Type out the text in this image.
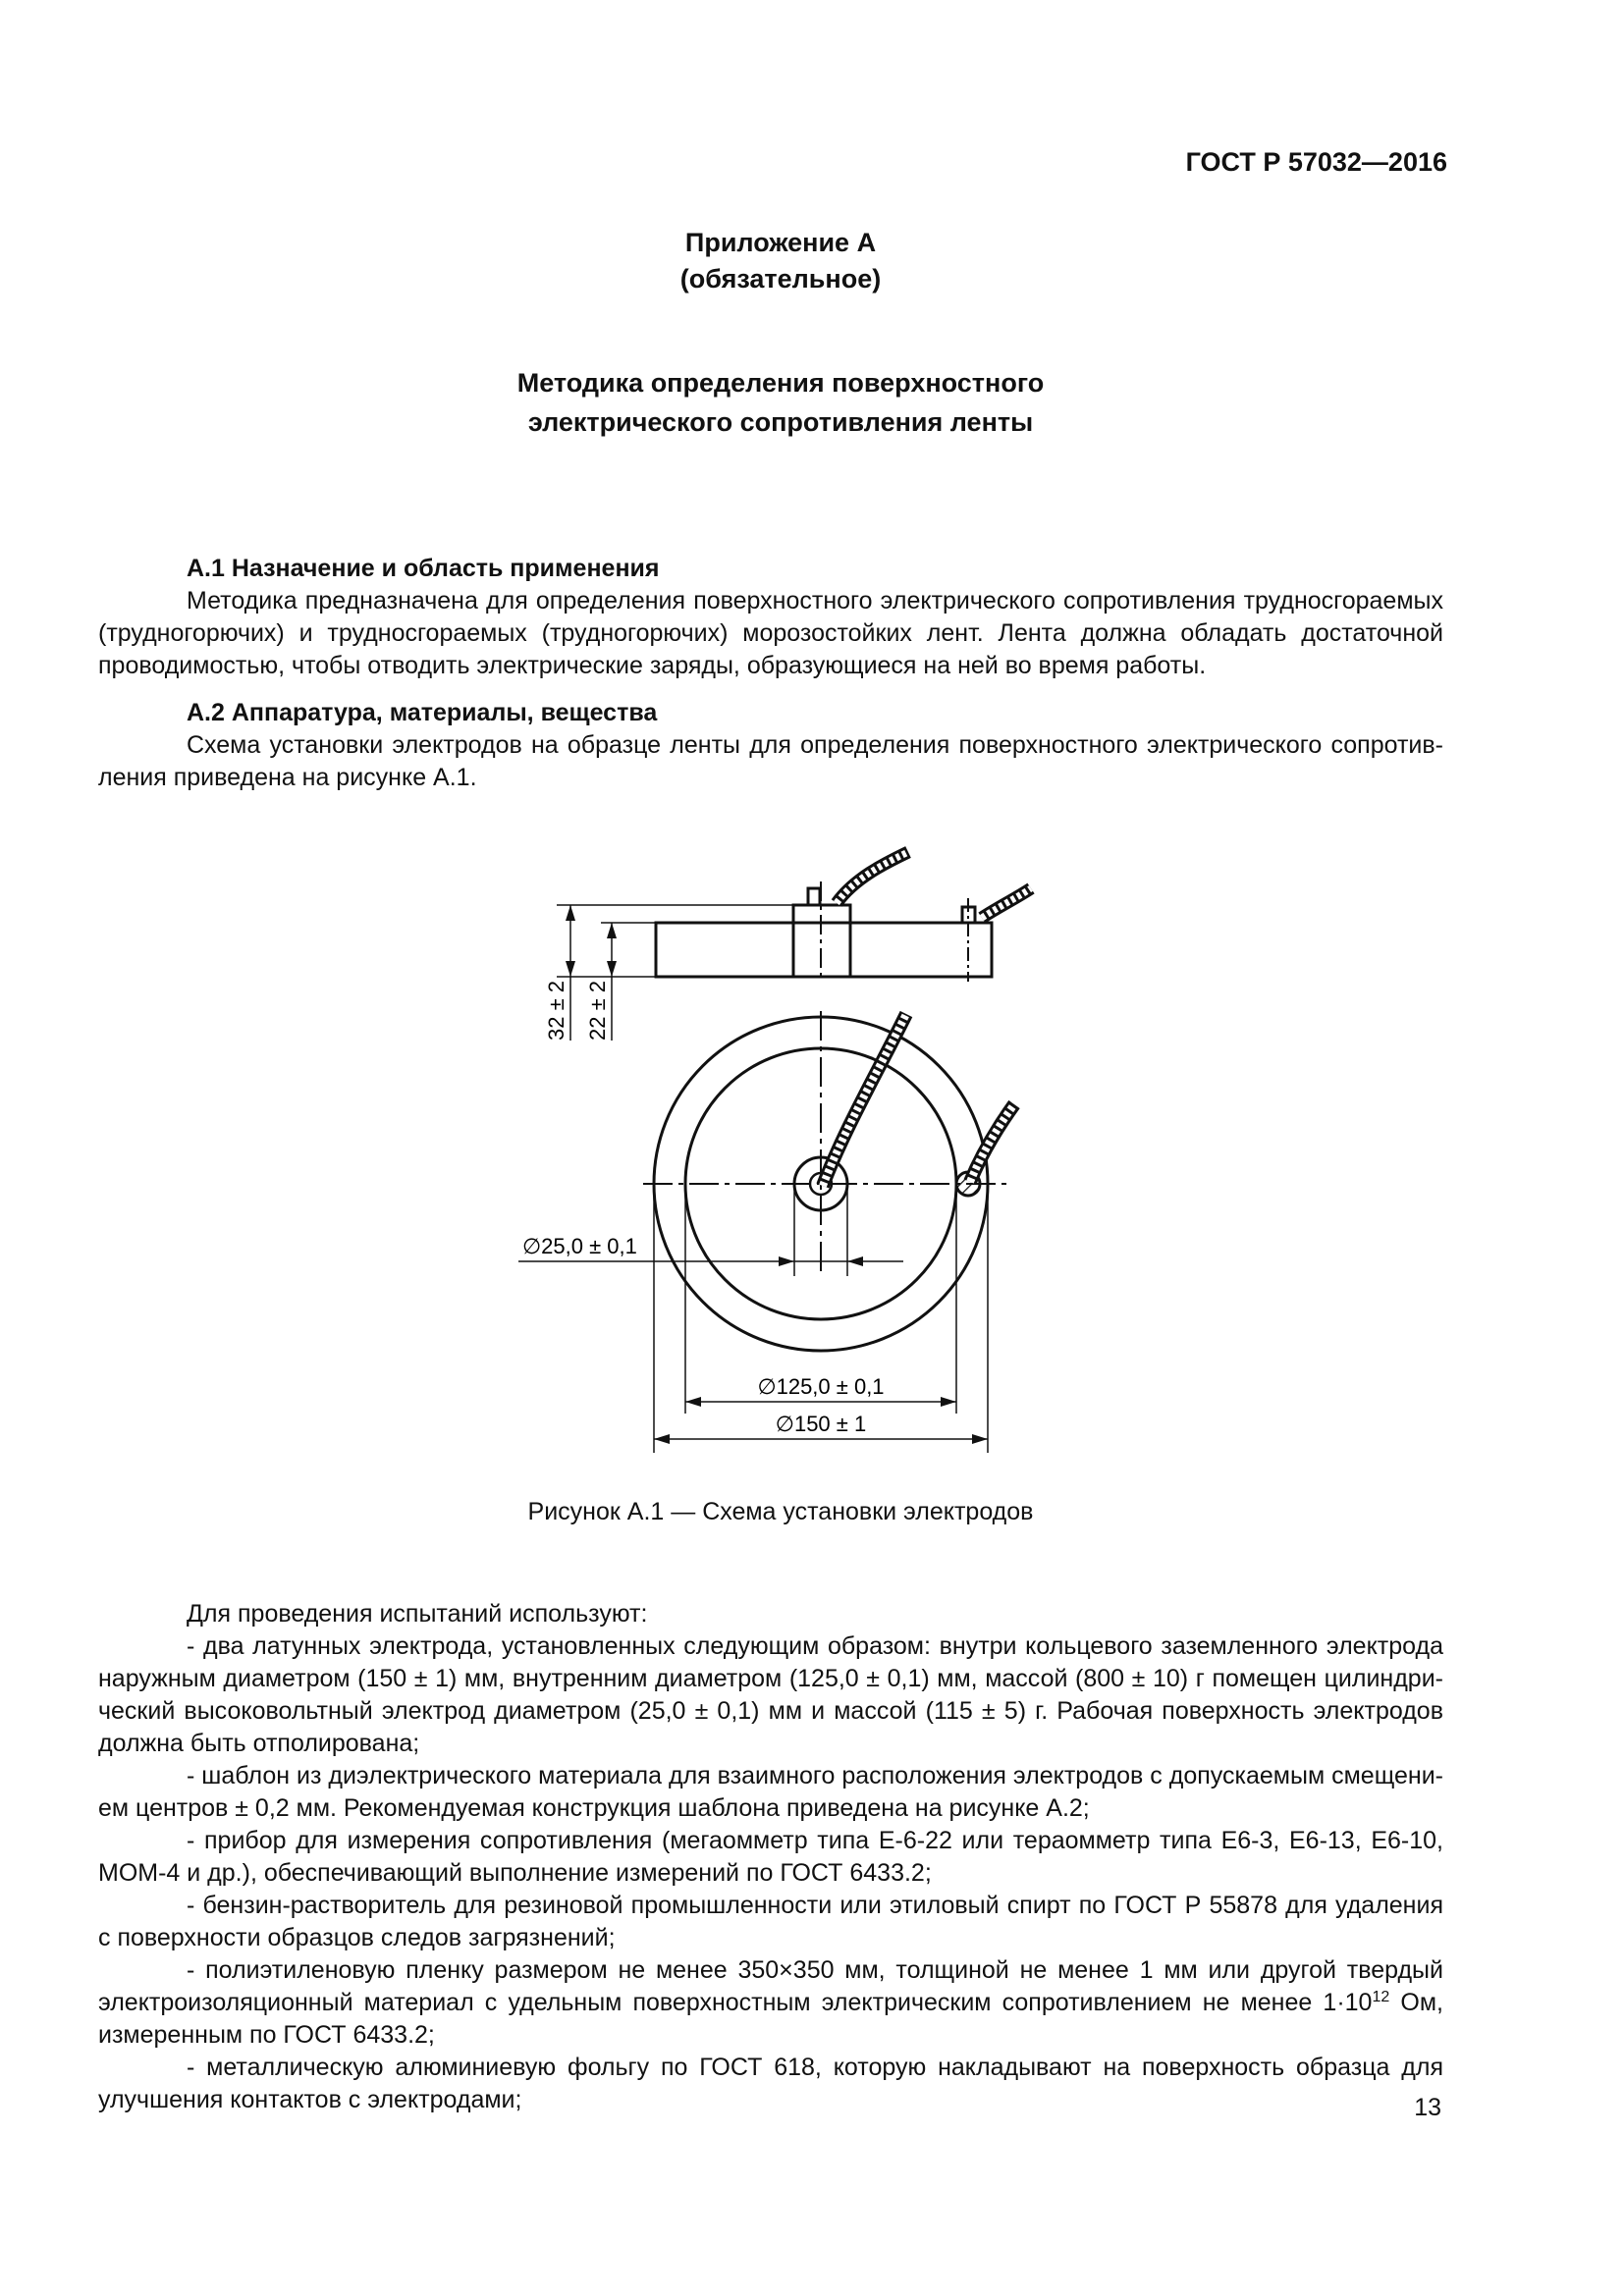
ГОСТ Р 57032—2016
Приложение А
(обязательное)
Методика определения поверхностного
электрического сопротивления ленты
А.1 Назначение и область применения
Методика предназначена для определения поверхностного электрического сопротивления трудносгораемых
(трудногорючих) и трудносгораемых (трудногорючих) морозостойких лент. Лента должна обладать достаточной
проводимостью, чтобы отводить электрические заряды, образующиеся на ней во время работы.
А.2 Аппаратура, материалы, вещества
Схема установки электродов на образце ленты для определения поверхностного электрического сопротив-
ления приведена на рисунке А.1.
32 ± 2 22 ± 2
∅25,0 ± 0,1
∅125,0 ± 0,1
∅150 ± 1
Рисунок А.1 — Схема установки электродов
Для проведения испытаний используют:
- два латунных электрода, установленных следующим образом: внутри кольцевого заземленного электрода
наружным диаметром (150 ± 1) мм, внутренним диаметром (125,0 ± 0,1) мм, массой (800 ± 10) г помещен цилиндри-
ческий высоковольтный электрод диаметром (25,0 ± 0,1) мм и массой (115 ± 5) г. Рабочая поверхность электродов
должна быть отполирована;
- шаблон из диэлектрического материала для взаимного расположения электродов с допускаемым смещени-
ем центров ± 0,2 мм. Рекомендуемая конструкция шаблона приведена на рисунке А.2;
- прибор для измерения сопротивления (мегаомметр типа Е-6-22 или тераомметр типа Е6-3, Е6-13, Е6-10,
МОМ-4 и др.), обеспечивающий выполнение измерений по ГОСТ 6433.2;
- бензин-растворитель для резиновой промышленности или этиловый спирт по ГОСТ Р 55878 для удаления
с поверхности образцов следов загрязнений;
- полиэтиленовую пленку размером не менее 350×350 мм, толщиной не менее 1 мм или другой твердый
электроизоляционный материал с удельным поверхностным электрическим сопротивлением не менее $1\cdot 10^{12}$ Ом,
измеренным по ГОСТ 6433.2;
- металлическую алюминиевую фольгу по ГОСТ 618, которую накладывают на поверхность образца для
улучшения контактов с электродами;	13
